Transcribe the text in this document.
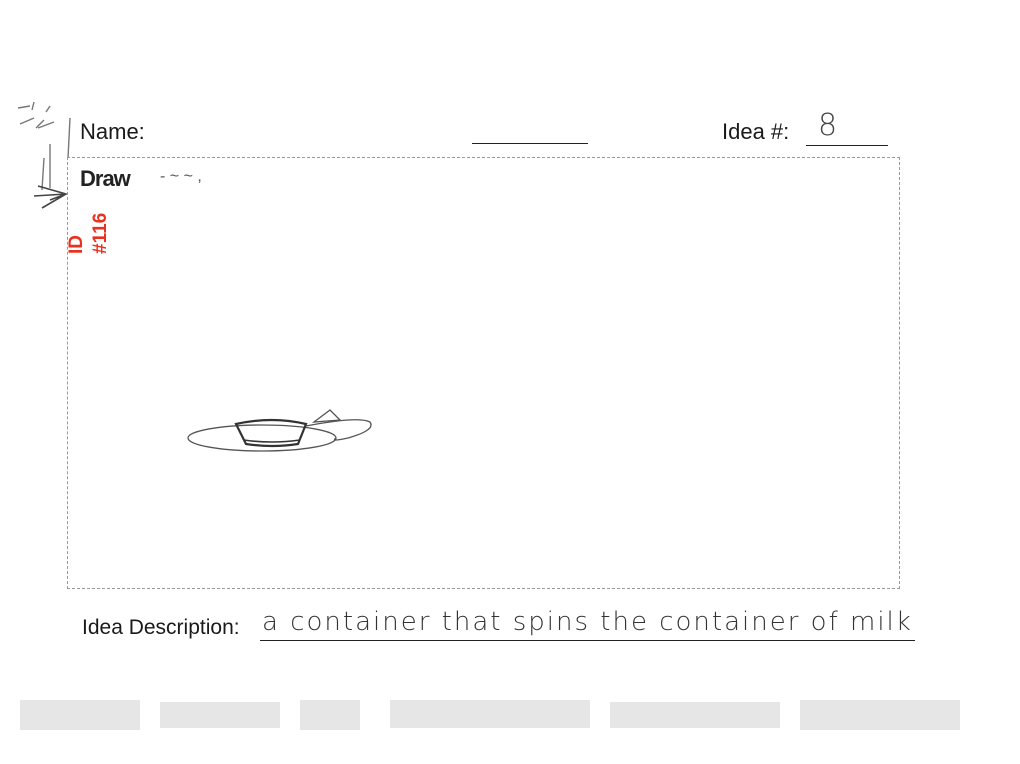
Name:	Idea #: 8
Draw - ~ ~ ,
ID #116
Idea Description: a container that spins the container of milk
